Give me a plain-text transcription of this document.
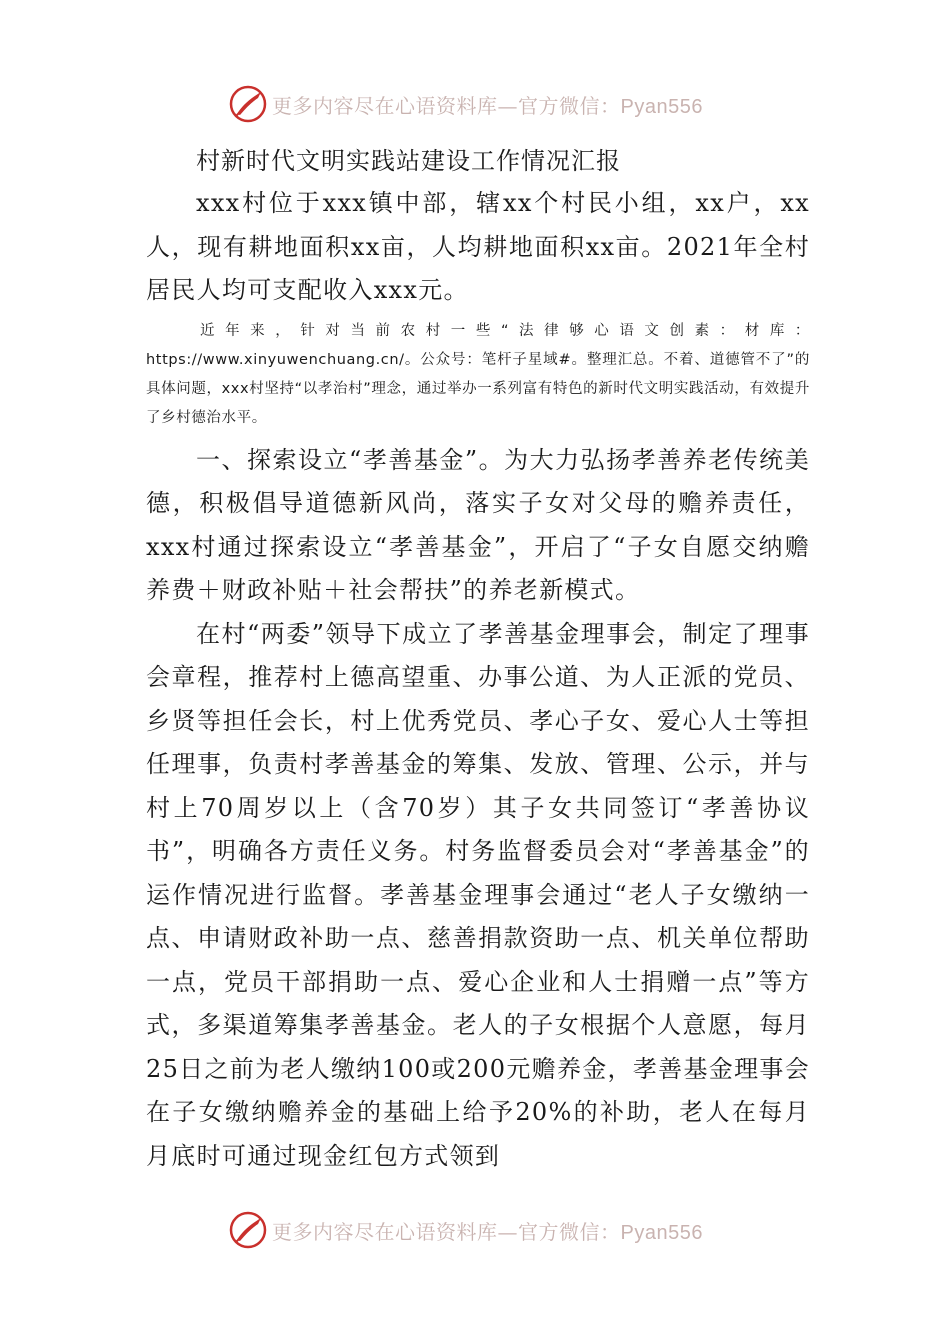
更多内容尽在心语资料库—官方微信：Pyan556
村新时代文明实践站建设工作情况汇报

xxx村位于xxx镇中部，辖xx个村民小组，xx户，xx人，现有耕地面积xx亩，人均耕地面积xx亩。2021年全村居民人均可支配收入xxx元。

近年来，针对当前农村一些“法律够心语文创素：材库：https://www.xinyuwenchuang.cn/。公众号：笔杆子星域#。整理汇总。不着、道德管不了”的具体问题，xxx村坚持“以孝治村”理念，通过举办一系列富有特色的新时代文明实践活动，有效提升了乡村德治水平。

一、探索设立“孝善基金”。为大力弘扬孝善养老传统美德，积极倡导道德新风尚，落实子女对父母的赡养责任，xxx村通过探索设立“孝善基金”，开启了“子女自愿交纳赡养费＋财政补贴＋社会帮扶”的养老新模式。

在村“两委”领导下成立了孝善基金理事会，制定了理事会章程，推荐村上德高望重、办事公道、为人正派的党员、乡贤等担任会长，村上优秀党员、孝心子女、爱心人士等担任理事，负责村孝善基金的筹集、发放、管理、公示，并与村上70周岁以上（含70岁）其子女共同签订“孝善协议书”，明确各方责任义务。村务监督委员会对“孝善基金”的运作情况进行监督。孝善基金理事会通过“老人子女缴纳一点、申请财政补助一点、慈善捐款资助一点、机关单位帮助一点，党员干部捐助一点、爱心企业和人士捐赠一点”等方式，多渠道筹集孝善基金。老人的子女根据个人意愿，每月25日之前为老人缴纳100或200元赡养金，孝善基金理事会在子女缴纳赡养金的基础上给予20%的补助，老人在每月月底时可通过现金红包方式领到

更多内容尽在心语资料库—官方微信：Pyan556
